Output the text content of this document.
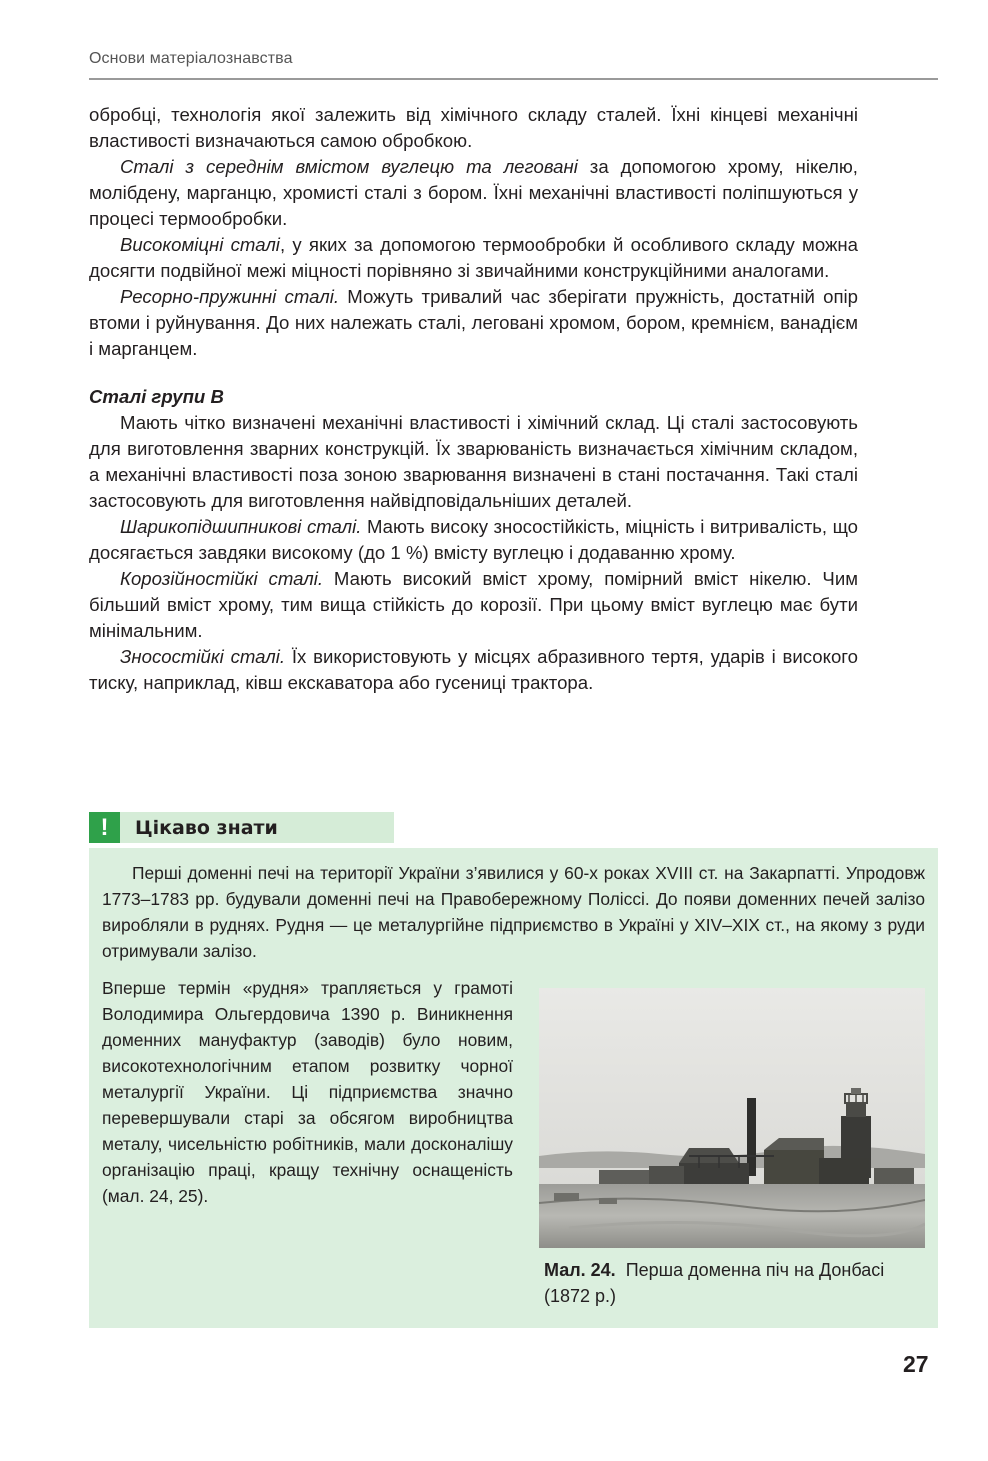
Основи матеріалознавства

обробці, технологія якої залежить від хімічного складу сталей. Їхні кінцеві механічні властивості визначаються самою обробкою.

Сталі з середнім вмістом вуглецю та леговані за допомогою хрому, нікелю, молібдену, марганцю, хромисті сталі з бором. Їхні механічні властивості поліпшуються у процесі термообробки.

Високоміцні сталі, у яких за допомогою термообробки й особливого складу можна досягти подвійної межі міцності порівняно зі звичайними конструкційними аналогами.

Ресорно-пружинні сталі. Можуть тривалий час зберігати пружність, достатній опір втоми і руйнування. До них належать сталі, леговані хромом, бором, кремнієм, ванадієм і марганцем.

Сталі групи В

Мають чітко визначені механічні властивості і хімічний склад. Ці сталі застосовують для виготовлення зварних конструкцій. Їх зварюваність визначається хімічним складом, а механічні властивості поза зоною зварювання визначені в стані постачання. Такі сталі застосовують для виготовлення найвідповідальніших деталей.

Шарикопідшипникові сталі. Мають високу зносостійкість, міцність і витривалість, що досягається завдяки високому (до 1 %) вмісту вуглецю і додаванню хрому.

Корозійностійкі сталі. Мають високий вміст хрому, помірний вміст нікелю. Чим більший вміст хрому, тим вища стійкість до корозії. При цьому вміст вуглецю має бути мінімальним.

Зносостійкі сталі. Їх використовують у місцях абразивного тертя, ударів і високого тиску, наприклад, ківш екскаватора або гусениці трактора.

!	Цікаво знати

Перші доменні печі на території України з’явилися у 60-х роках XVIII ст. на Закарпатті. Упродовж 1773–1783 рр. будували доменні печі на Правобережному Поліссі. До появи доменних печей залізо виробляли в руднях. Рудня — це металургійне підприємство в Україні у XIV–XIX ст., на якому з руди отримували залізо.

Вперше термін «рудня» трапляється у грамоті Володимира Ольгердовича 1390 р. Виникнення доменних мануфактур (заводів) було новим, високотехнологічним етапом розвитку чорної металургії України. Ці підприємства значно перевершували старі за обсягом виробництва металу, чисельністю робітників, мали досконалішу організацію праці, кращу технічну оснащеність (мал. 24, 25).

Мал. 24. Перша доменна піч на Донбасі (1872 р.)

27
